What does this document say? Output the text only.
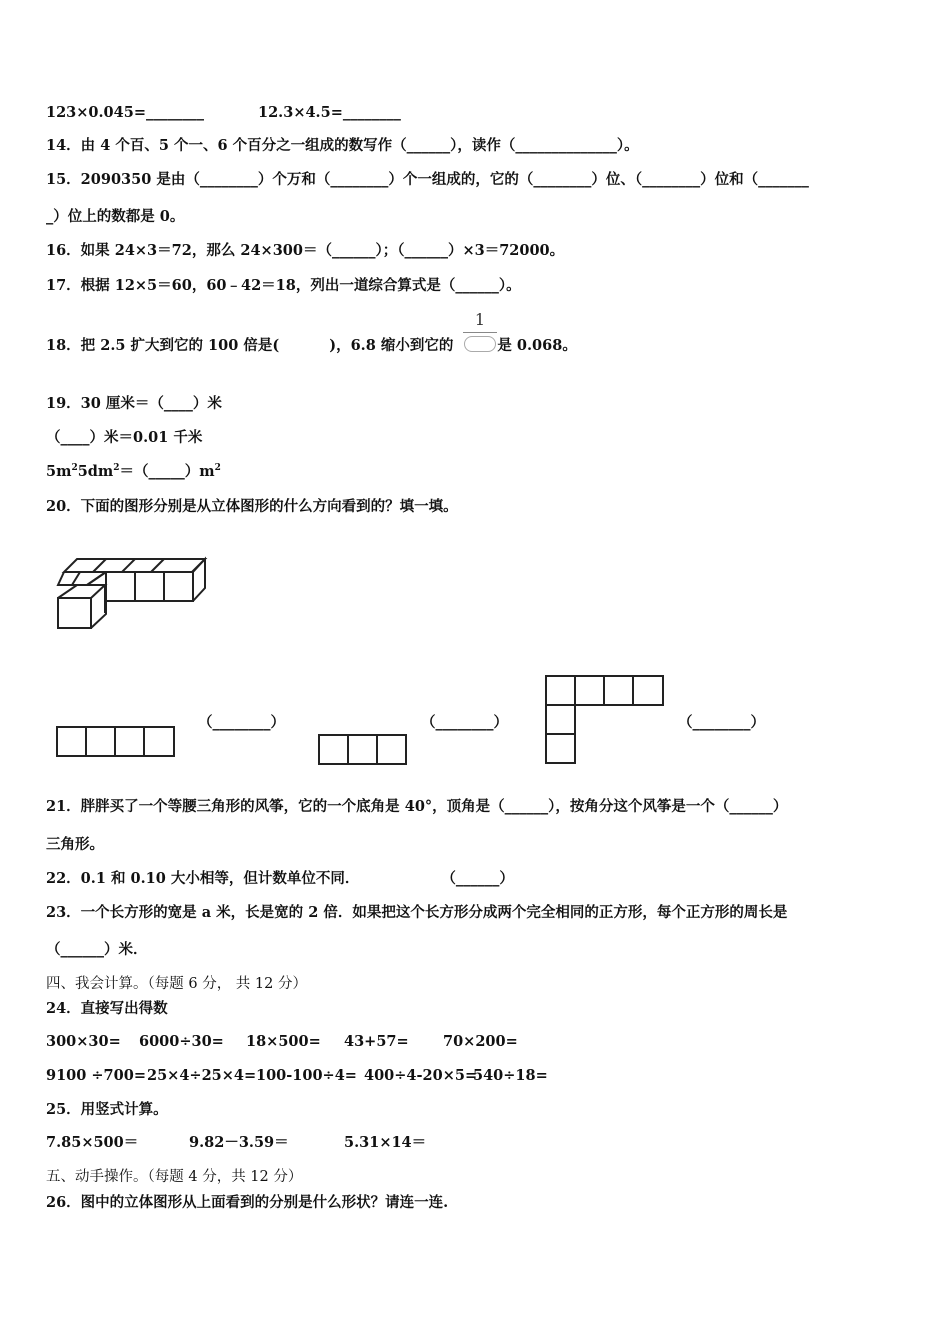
123×0.045=________	12.3×4.5=________
14．由 4 个百、5 个一、6 个百分之一组成的数写作（______），读作（______________）。
15．2090350 是由（________）个万和（________）个一组成的，它的（________）位、（________）位和（_______
_）位上的数都是 0。
16．如果 24×3＝72，那么 24×300＝（______）；（______）×3＝72000。
17．根据 12×5＝60，60﹣42＝18，列出一道综合算式是（______）。
18．把 2.5 扩大到它的 100 倍是(	)，6.8 缩小到它的	是 0.068。
1
19．30 厘米＝（____）米
（____）米＝0.01 千米
$5m^25dm^2=(\_\_\_\_\_)m^2$
20．下面的图形分别是从立体图形的什么方向看到的？填一填。
（________）	（________）	（________）
21．胖胖买了一个等腰三角形的风筝，它的一个底角是 40°，顶角是（______），按角分这个风筝是一个（______）
三角形。
22．0.1 和 0.10 大小相等，但计数单位不同．	（______）
23．一个长方形的宽是 a 米，长是宽的 2 倍．如果把这个长方形分成两个完全相同的正方形，每个正方形的周长是
（______）米．
四、我会计算。（每题 6 分， 共 12 分）
24．直接写出得数
300×30= 6000÷30= 18×500= 43+57= 70×200=
9100 ÷700= 25×4÷25×4= 100-100÷4= 400÷4-20×5=
540÷18=
25．用竖式计算。
7.85×500＝	9.82－3.59＝	5.31×14＝
五、动手操作。（每题 4 分，共 12 分）
26．图中的立体图形从上面看到的分别是什么形状？请连一连.
